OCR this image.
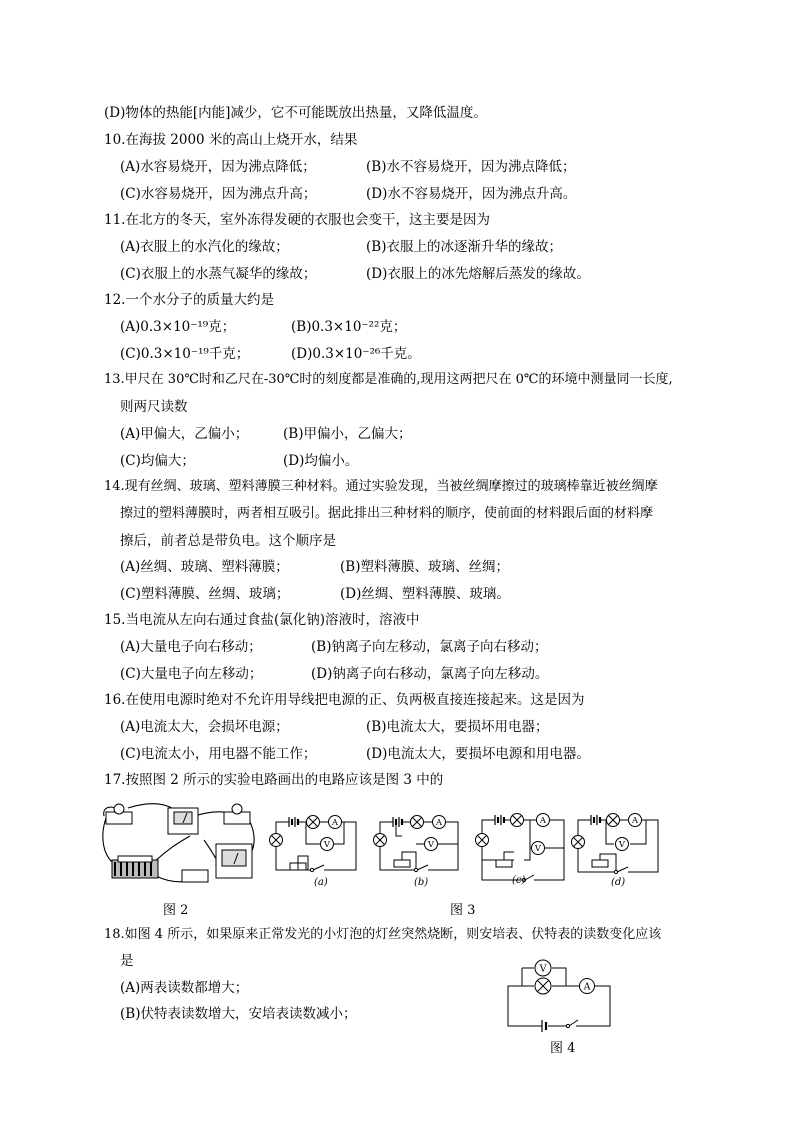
(D)物体的热能[内能]减少，它不可能既放出热量，又降低温度。
10.在海拔 2000 米的高山上烧开水，结果
(A)水容易烧开，因为沸点降低；	(B)水不容易烧开，因为沸点降低；
(C)水容易烧开，因为沸点升高；	(D)水不容易烧开，因为沸点升高。
11.在北方的冬天，室外冻得发硬的衣服也会变干，这主要是因为
(A)衣服上的水汽化的缘故；	(B)衣服上的冰逐渐升华的缘故；
(C)衣服上的水蒸气凝华的缘故；	(D)衣服上的冰先熔解后蒸发的缘故。
12.一个水分子的质量大约是
(A)0.3×10⁻¹⁹克；	(B)0.3×10⁻²²克；
(C)0.3×10⁻¹⁹千克；	(D)0.3×10⁻²⁶千克。
13.甲尺在 30℃时和乙尺在-30℃时的刻度都是准确的,现用这两把尺在 0℃的环境中测量同一长度,
则两尺读数
(A)甲偏大，乙偏小；	(B)甲偏小，乙偏大；
(C)均偏大；	(D)均偏小。
14.现有丝绸、玻璃、塑料薄膜三种材料。通过实验发现，当被丝绸摩擦过的玻璃棒靠近被丝绸摩
擦过的塑料薄膜时，两者相互吸引。据此排出三种材料的顺序，使前面的材料跟后面的材料摩
擦后，前者总是带负电。这个顺序是
(A)丝绸、玻璃、塑料薄膜；	(B)塑料薄膜、玻璃、丝绸；
(C)塑料薄膜、丝绸、玻璃；	(D)丝绸、塑料薄膜、玻璃。
15.当电流从左向右通过食盐(氯化钠)溶液时，溶液中
(A)大量电子向右移动；	(B)钠离子向左移动，氯离子向右移动；
(C)大量电子向左移动；	(D)钠离子向右移动，氯离子向左移动。
16.在使用电源时绝对不允许用导线把电源的正、负两极直接连接起来。这是因为
(A)电流太大，会损坏电源；	(B)电流太大，要损坏用电器；
(C)电流太小，用电器不能工作；	(D)电流太大，要损坏电源和用电器。
17.按照图 2 所示的实验电路画出的电路应该是图 3 中的
图 2
A
V
A
V
A
V
A
V
(a)	(b)	(c)	(d)
图 3
18.如图 4 所示，如果原来正常发光的小灯泡的灯丝突然烧断，则安培表、伏特表的读数变化应该
是
(A)两表读数都增大；
(B)伏特表读数增大，安培表读数减小；
V
A
图 4
